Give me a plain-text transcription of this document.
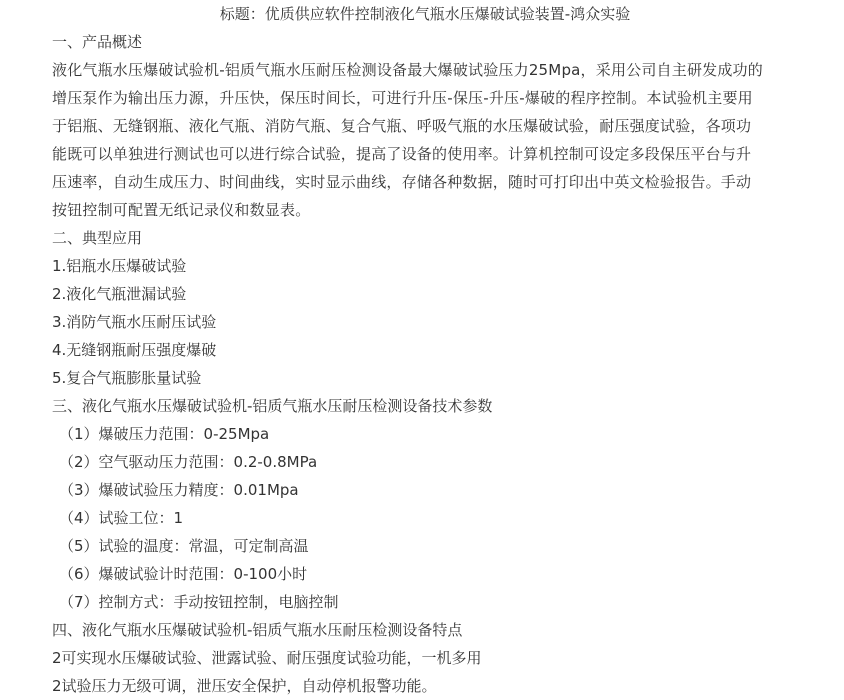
标题：优质供应软件控制液化气瓶水压爆破试验装置-鸿众实验
一、产品概述
液化气瓶水压爆破试验机-铝质气瓶水压耐压检测设备最大爆破试验压力25Mpa，采用公司自主研发成功的
增压泵作为输出压力源，升压快，保压时间长，可进行升压-保压-升压-爆破的程序控制。本试验机主要用
于铝瓶、无缝钢瓶、液化气瓶、消防气瓶、复合气瓶、呼吸气瓶的水压爆破试验，耐压强度试验，各项功
能既可以单独进行测试也可以进行综合试验，提高了设备的使用率。计算机控制可设定多段保压平台与升
压速率，自动生成压力、时间曲线，实时显示曲线，存储各种数据，随时可打印出中英文检验报告。手动
按钮控制可配置无纸记录仪和数显表。
二、典型应用
1.铝瓶水压爆破试验
2.液化气瓶泄漏试验
3.消防气瓶水压耐压试验
4.无缝钢瓶耐压强度爆破
5.复合气瓶膨胀量试验
三、液化气瓶水压爆破试验机-铝质气瓶水压耐压检测设备技术参数
（1）爆破压力范围：0-25Mpa
（2）空气驱动压力范围：0.2-0.8MPa
（3）爆破试验压力精度：0.01Mpa
（4）试验工位：1
（5）试验的温度：常温，可定制高温
（6）爆破试验计时范围：0-100小时
（7）控制方式：手动按钮控制，电脑控制
四、液化气瓶水压爆破试验机-铝质气瓶水压耐压检测设备特点
2可实现水压爆破试验、泄露试验、耐压强度试验功能，一机多用
2试验压力无级可调，泄压安全保护，自动停机报警功能。
